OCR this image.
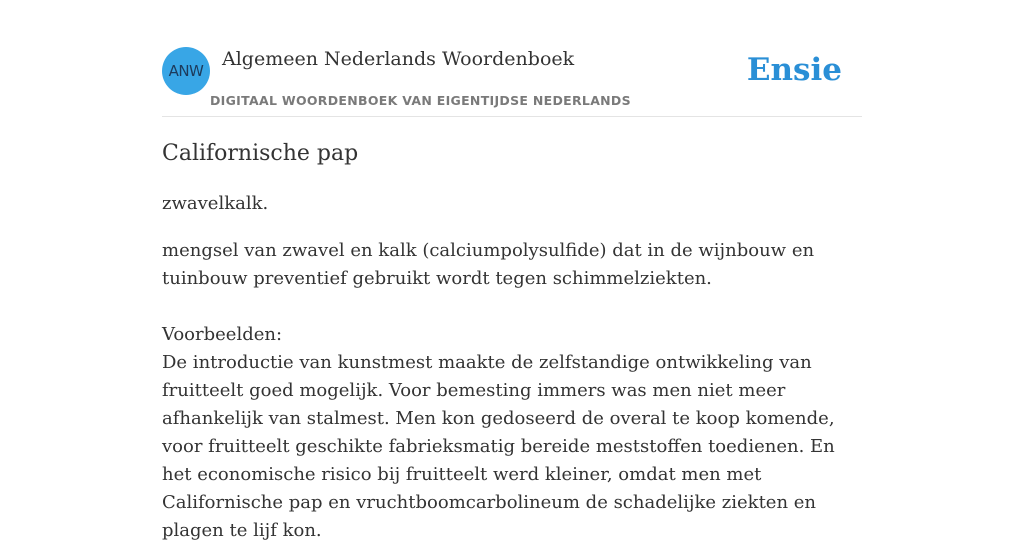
ANW
Algemeen Nederlands Woordenboek
DIGITAAL WOORDENBOEK VAN EIGENTIJDSE NEDERLANDS
Ensie
Californische pap

zwavelkalk.

mengsel van zwavel en kalk (calciumpolysulfide) dat in de wijnbouw en tuinbouw preventief gebruikt wordt tegen schimmelziekten.

Voorbeelden:

De introductie van kunstmest maakte de zelfstandige ontwikkeling van fruitteelt goed mogelijk. Voor bemesting immers was men niet meer afhankelijk van stalmest. Men kon gedoseerd de overal te koop komende, voor fruitteelt geschikte fabrieksmatig bereide meststoffen toedienen. En het economische risico bij fruitteelt werd kleiner, omdat men met Californische pap en vruchtboomcarbolineum de schadelijke ziekten en plagen te lijf kon.
